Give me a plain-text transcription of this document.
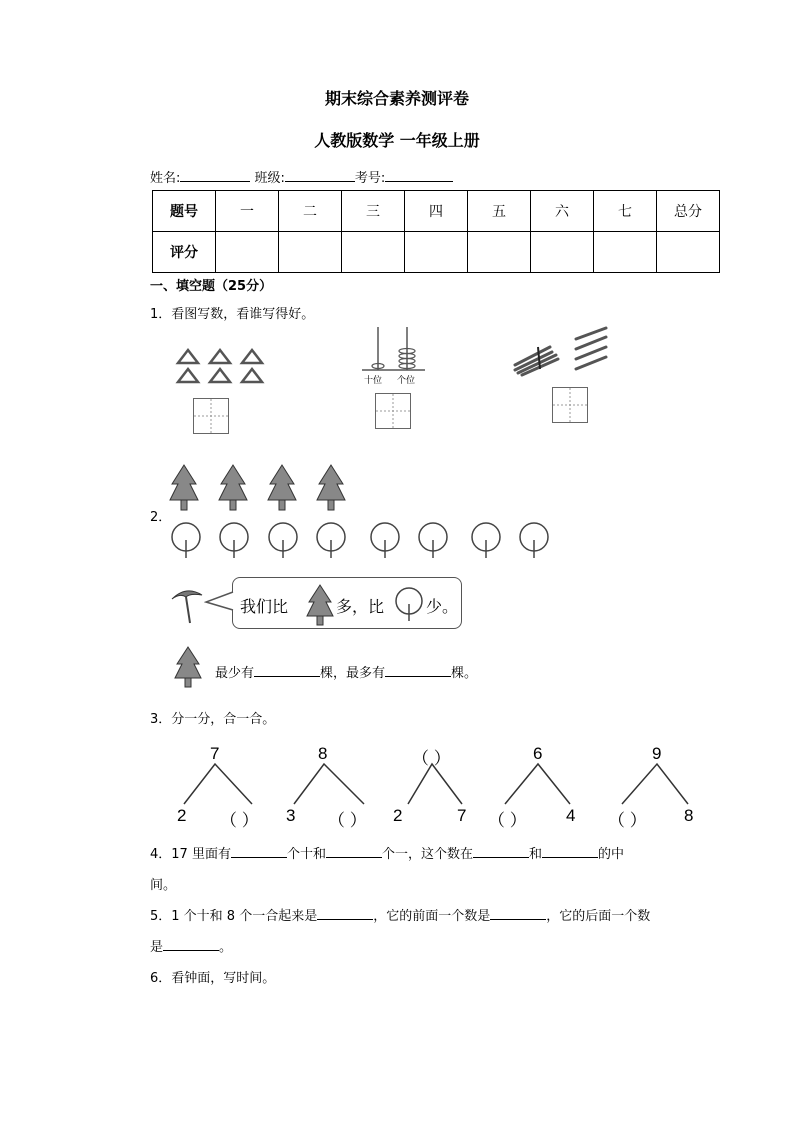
期末综合素养测评卷
人教版数学 一年级上册
姓名:	班级:	考号:
题号	一	二	三	四	五	六	七	总分
评分								
一、填空题（25分）
1．看图写数，看谁写得好。
十位 个位
2．
我们比	多，比	少。
最少有	棵，最多有	棵。
3．分一分，合一合。
7
2 （ ）
8
3 （ ）
（ ）
2	7
6
（ ） 4
9
（ ） 8
4．17 里面有	个十和	个一，这个数在	和	的中
间。
5．1 个十和 8 个一合起来是	，它的前面一个数是	，它的后面一个数
是	。
6．看钟面，写时间。
